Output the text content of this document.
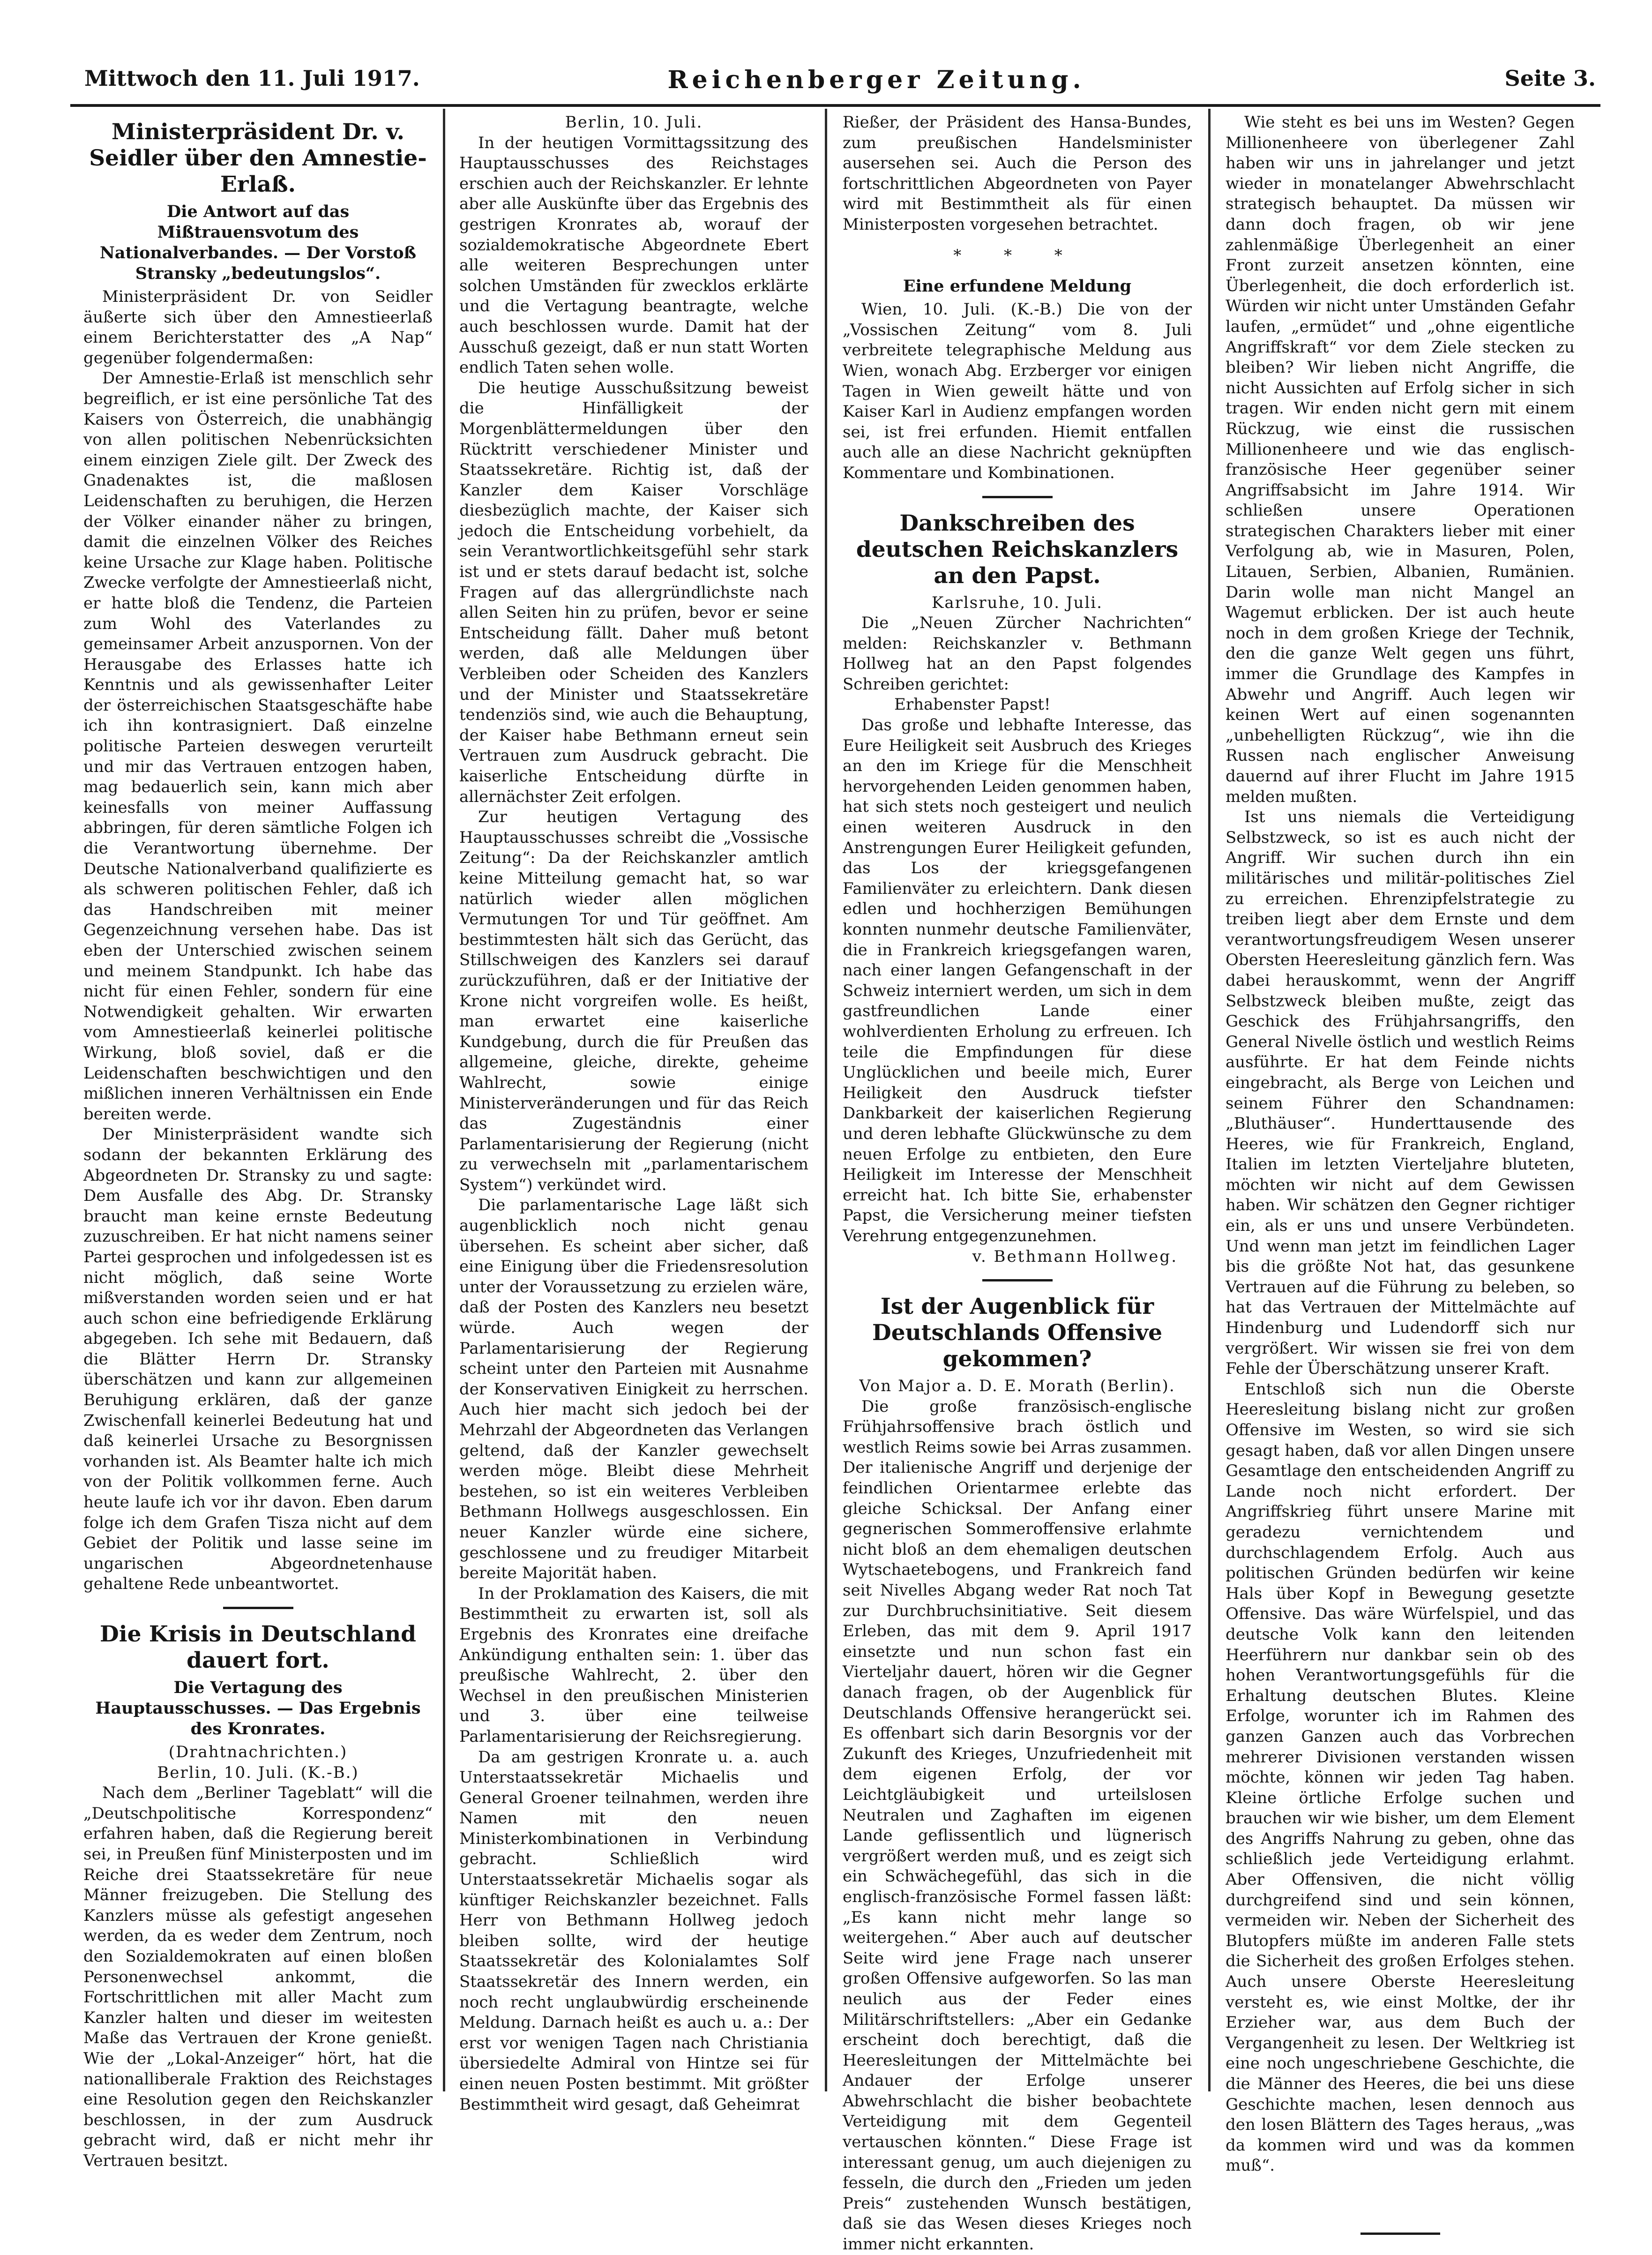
Mittwoch den 11. Juli 1917.	Reichenberger Zeitung.	Seite 3.

Ministerpräsident Dr. v. Seidler über den Amnestie-Erlaß.

Die Antwort auf das Mißtrauensvotum des Nationalverbandes. — Der Vorstoß Stransky „bedeutungslos“.

Ministerpräsident Dr. von Seidler äußerte sich über den Amnestieerlaß einem Berichterstatter des „A Nap“ gegenüber folgendermaßen:

Der Amnestie-Erlaß ist menschlich sehr begreiflich, er ist eine persönliche Tat des Kaisers von Österreich, die unabhängig von allen politischen Nebenrücksichten einem einzigen Ziele gilt. Der Zweck des Gnadenaktes ist, die maßlosen Leidenschaften zu beruhigen, die Herzen der Völker einander näher zu bringen, damit die einzelnen Völker des Reiches keine Ursache zur Klage haben. Politische Zwecke verfolgte der Amnestieerlaß nicht, er hatte bloß die Tendenz, die Parteien zum Wohl des Vaterlandes zu gemeinsamer Arbeit anzuspornen. Von der Herausgabe des Erlasses hatte ich Kenntnis und als gewissenhafter Leiter der österreichischen Staatsgeschäfte habe ich ihn kontrasigniert. Daß einzelne politische Parteien deswegen verurteilt und mir das Vertrauen entzogen haben, mag bedauerlich sein, kann mich aber keinesfalls von meiner Auffassung abbringen, für deren sämtliche Folgen ich die Verantwortung übernehme. Der Deutsche Nationalverband qualifizierte es als schweren politischen Fehler, daß ich das Handschreiben mit meiner Gegenzeichnung versehen habe. Das ist eben der Unterschied zwischen seinem und meinem Standpunkt. Ich habe das nicht für einen Fehler, sondern für eine Notwendigkeit gehalten. Wir erwarten vom Amnestieerlaß keinerlei politische Wirkung, bloß soviel, daß er die Leidenschaften beschwichtigen und den mißlichen inneren Verhältnissen ein Ende bereiten werde.

Der Ministerpräsident wandte sich sodann der bekannten Erklärung des Abgeordneten Dr. Stransky zu und sagte: Dem Ausfalle des Abg. Dr. Stransky braucht man keine ernste Bedeutung zuzuschreiben. Er hat nicht namens seiner Partei gesprochen und infolgedessen ist es nicht möglich, daß seine Worte mißverstanden worden seien und er hat auch schon eine befriedigende Erklärung abgegeben. Ich sehe mit Bedauern, daß die Blätter Herrn Dr. Stransky überschätzen und kann zur allgemeinen Beruhigung erklären, daß der ganze Zwischenfall keinerlei Bedeutung hat und daß keinerlei Ursache zu Besorgnissen vorhanden ist. Als Beamter halte ich mich von der Politik vollkommen ferne. Auch heute laufe ich vor ihr davon. Eben darum folge ich dem Grafen Tisza nicht auf dem Gebiet der Politik und lasse seine im ungarischen Abgeordnetenhause gehaltene Rede unbeantwortet.

Die Krisis in Deutschland dauert fort.

Die Vertagung des Hauptausschusses. — Das Ergebnis des Kronrates.

(Drahtnachrichten.)

Berlin, 10. Juli. (K.-B.)

Nach dem „Berliner Tageblatt“ will die „Deutschpolitische Korrespondenz“ erfahren haben, daß die Regierung bereit sei, in Preußen fünf Ministerposten und im Reiche drei Staatssekretäre für neue Männer freizugeben. Die Stellung des Kanzlers müsse als gefestigt angesehen werden, da es weder dem Zentrum, noch den Sozialdemokraten auf einen bloßen Personenwechsel ankommt, die Fortschrittlichen mit aller Macht zum Kanzler halten und dieser im weitesten Maße das Vertrauen der Krone genießt. Wie der „Lokal-Anzeiger“ hört, hat die nationalliberale Fraktion des Reichstages eine Resolution gegen den Reichskanzler beschlossen, in der zum Ausdruck gebracht wird, daß er nicht mehr ihr Vertrauen besitzt.

Berlin, 10. Juli.

In der heutigen Vormittagssitzung des Hauptausschusses des Reichstages erschien auch der Reichskanzler. Er lehnte aber alle Auskünfte über das Ergebnis des gestrigen Kronrates ab, worauf der sozialdemokratische Abgeordnete Ebert alle weiteren Besprechungen unter solchen Umständen für zwecklos erklärte und die Vertagung beantragte, welche auch beschlossen wurde. Damit hat der Ausschuß gezeigt, daß er nun statt Worten endlich Taten sehen wolle.

Die heutige Ausschußsitzung beweist die Hinfälligkeit der Morgenblättermeldungen über den Rücktritt verschiedener Minister und Staatssekretäre. Richtig ist, daß der Kanzler dem Kaiser Vorschläge diesbezüglich machte, der Kaiser sich jedoch die Entscheidung vorbehielt, da sein Verantwortlichkeitsgefühl sehr stark ist und er stets darauf bedacht ist, solche Fragen auf das allergründlichste nach allen Seiten hin zu prüfen, bevor er seine Entscheidung fällt. Daher muß betont werden, daß alle Meldungen über Verbleiben oder Scheiden des Kanzlers und der Minister und Staatssekretäre tendenziös sind, wie auch die Behauptung, der Kaiser habe Bethmann erneut sein Vertrauen zum Ausdruck gebracht. Die kaiserliche Entscheidung dürfte in allernächster Zeit erfolgen.

Zur heutigen Vertagung des Hauptausschusses schreibt die „Vossische Zeitung“: Da der Reichskanzler amtlich keine Mitteilung gemacht hat, so war natürlich wieder allen möglichen Vermutungen Tor und Tür geöffnet. Am bestimmtesten hält sich das Gerücht, das Stillschweigen des Kanzlers sei darauf zurückzuführen, daß er der Initiative der Krone nicht vorgreifen wolle. Es heißt, man erwartet eine kaiserliche Kundgebung, durch die für Preußen das allgemeine, gleiche, direkte, geheime Wahlrecht, sowie einige Ministerveränderungen und für das Reich das Zugeständnis einer Parlamentarisierung der Regierung (nicht zu verwechseln mit „parlamentarischem System“) verkündet wird.

Die parlamentarische Lage läßt sich augenblicklich noch nicht genau übersehen. Es scheint aber sicher, daß eine Einigung über die Friedensresolution unter der Voraussetzung zu erzielen wäre, daß der Posten des Kanzlers neu besetzt würde. Auch wegen der Parlamentarisierung der Regierung scheint unter den Parteien mit Ausnahme der Konservativen Einigkeit zu herrschen. Auch hier macht sich jedoch bei der Mehrzahl der Abgeordneten das Verlangen geltend, daß der Kanzler gewechselt werden möge. Bleibt diese Mehrheit bestehen, so ist ein weiteres Verbleiben Bethmann Hollwegs ausgeschlossen. Ein neuer Kanzler würde eine sichere, geschlossene und zu freudiger Mitarbeit bereite Majorität haben.

In der Proklamation des Kaisers, die mit Bestimmtheit zu erwarten ist, soll als Ergebnis des Kronrates eine dreifache Ankündigung enthalten sein: 1. über das preußische Wahlrecht, 2. über den Wechsel in den preußischen Ministerien und 3. über eine teilweise Parlamentarisierung der Reichsregierung.

Da am gestrigen Kronrate u. a. auch Unterstaatssekretär Michaelis und General Groener teilnahmen, werden ihre Namen mit den neuen Ministerkombinationen in Verbindung gebracht. Schließlich wird Unterstaatssekretär Michaelis sogar als künftiger Reichskanzler bezeichnet. Falls Herr von Bethmann Hollweg jedoch bleiben sollte, wird der heutige Staatssekretär des Kolonialamtes Solf Staatssekretär des Innern werden, ein noch recht unglaubwürdig erscheinende Meldung. Darnach heißt es auch u. a.: Der erst vor wenigen Tagen nach Christiania übersiedelte Admiral von Hintze sei für einen neuen Posten bestimmt. Mit größter Bestimmtheit wird gesagt, daß Geheimrat

Rießer, der Präsident des Hansa-Bundes, zum preußischen Handelsminister ausersehen sei. Auch die Person des fortschrittlichen Abgeordneten von Payer wird mit Bestimmtheit als für einen Ministerposten vorgesehen betrachtet.

* * *

Eine erfundene Meldung

Wien, 10. Juli. (K.-B.) Die von der „Vossischen Zeitung“ vom 8. Juli verbreitete telegraphische Meldung aus Wien, wonach Abg. Erzberger vor einigen Tagen in Wien geweilt hätte und von Kaiser Karl in Audienz empfangen worden sei, ist frei erfunden. Hiemit entfallen auch alle an diese Nachricht geknüpften Kommentare und Kombinationen.

Dankschreiben des deutschen Reichskanzlers an den Papst.

Karlsruhe, 10. Juli.

Die „Neuen Zürcher Nachrichten“ melden: Reichskanzler v. Bethmann Hollweg hat an den Papst folgendes Schreiben gerichtet:

Erhabenster Papst!

Das große und lebhafte Interesse, das Eure Heiligkeit seit Ausbruch des Krieges an den im Kriege für die Menschheit hervorgehenden Leiden genommen haben, hat sich stets noch gesteigert und neulich einen weiteren Ausdruck in den Anstrengungen Eurer Heiligkeit gefunden, das Los der kriegsgefangenen Familienväter zu erleichtern. Dank diesen edlen und hochherzigen Bemühungen konnten nunmehr deutsche Familienväter, die in Frankreich kriegsgefangen waren, nach einer langen Gefangenschaft in der Schweiz interniert werden, um sich in dem gastfreundlichen Lande einer wohlverdienten Erholung zu erfreuen. Ich teile die Empfindungen für diese Unglücklichen und beeile mich, Eurer Heiligkeit den Ausdruck tiefster Dankbarkeit der kaiserlichen Regierung und deren lebhafte Glückwünsche zu dem neuen Erfolge zu entbieten, den Eure Heiligkeit im Interesse der Menschheit erreicht hat. Ich bitte Sie, erhabenster Papst, die Versicherung meiner tiefsten Verehrung entgegenzunehmen.

v. Bethmann Hollweg.

Ist der Augenblick für Deutschlands Offensive gekommen?

Von Major a. D. E. Morath (Berlin).

Die große französisch-englische Frühjahrsoffensive brach östlich und westlich Reims sowie bei Arras zusammen. Der italienische Angriff und derjenige der feindlichen Orientarmee erlebte das gleiche Schicksal. Der Anfang einer gegnerischen Sommeroffensive erlahmte nicht bloß an dem ehemaligen deutschen Wytschaetebogens, und Frankreich fand seit Nivelles Abgang weder Rat noch Tat zur Durchbruchsinitiative. Seit diesem Erleben, das mit dem 9. April 1917 einsetzte und nun schon fast ein Vierteljahr dauert, hören wir die Gegner danach fragen, ob der Augenblick für Deutschlands Offensive herangerückt sei. Es offenbart sich darin Besorgnis vor der Zukunft des Krieges, Unzufriedenheit mit dem eigenen Erfolg, der vor Leichtgläubigkeit und urteilslosen Neutralen und Zaghaften im eigenen Lande geflissentlich und lügnerisch vergrößert werden muß, und es zeigt sich ein Schwächegefühl, das sich in die englisch-französische Formel fassen läßt: „Es kann nicht mehr lange so weitergehen.“ Aber auch auf deutscher Seite wird jene Frage nach unserer großen Offensive aufgeworfen. So las man neulich aus der Feder eines Militärschriftstellers: „Aber ein Gedanke erscheint doch berechtigt, daß die Heeresleitungen der Mittelmächte bei Andauer der Erfolge unserer Abwehrschlacht die bisher beobachtete Verteidigung mit dem Gegenteil vertauschen könnten.“ Diese Frage ist interessant genug, um auch diejenigen zu fesseln, die durch den „Frieden um jeden Preis“ zustehenden Wunsch bestätigen, daß sie das Wesen dieses Krieges noch immer nicht erkannten.

Wie steht es bei uns im Westen? Gegen Millionenheere von überlegener Zahl haben wir uns in jahrelanger und jetzt wieder in monatelanger Abwehrschlacht strategisch behauptet. Da müssen wir dann doch fragen, ob wir jene zahlenmäßige Überlegenheit an einer Front zurzeit ansetzen könnten, eine Überlegenheit, die doch erforderlich ist. Würden wir nicht unter Umständen Gefahr laufen, „ermüdet“ und „ohne eigentliche Angriffskraft“ vor dem Ziele stecken zu bleiben? Wir lieben nicht Angriffe, die nicht Aussichten auf Erfolg sicher in sich tragen. Wir enden nicht gern mit einem Rückzug, wie einst die russischen Millionenheere und wie das englisch-französische Heer gegenüber seiner Angriffsabsicht im Jahre 1914. Wir schließen unsere Operationen strategischen Charakters lieber mit einer Verfolgung ab, wie in Masuren, Polen, Litauen, Serbien, Albanien, Rumänien. Darin wolle man nicht Mangel an Wagemut erblicken. Der ist auch heute noch in dem großen Kriege der Technik, den die ganze Welt gegen uns führt, immer die Grundlage des Kampfes in Abwehr und Angriff. Auch legen wir keinen Wert auf einen sogenannten „unbehelligten Rückzug“, wie ihn die Russen nach englischer Anweisung dauernd auf ihrer Flucht im Jahre 1915 melden mußten.

Ist uns niemals die Verteidigung Selbstzweck, so ist es auch nicht der Angriff. Wir suchen durch ihn ein militärisches und militär-politisches Ziel zu erreichen. Ehrenzipfelstrategie zu treiben liegt aber dem Ernste und dem verantwortungsfreudigem Wesen unserer Obersten Heeresleitung gänzlich fern. Was dabei herauskommt, wenn der Angriff Selbstzweck bleiben mußte, zeigt das Geschick des Frühjahrsangriffs, den General Nivelle östlich und westlich Reims ausführte. Er hat dem Feinde nichts eingebracht, als Berge von Leichen und seinem Führer den Schandnamen: „Bluthäuser“. Hunderttausende des Heeres, wie für Frankreich, England, Italien im letzten Vierteljahre bluteten, möchten wir nicht auf dem Gewissen haben. Wir schätzen den Gegner richtiger ein, als er uns und unsere Verbündeten. Und wenn man jetzt im feindlichen Lager bis die größte Not hat, das gesunkene Vertrauen auf die Führung zu beleben, so hat das Vertrauen der Mittelmächte auf Hindenburg und Ludendorff sich nur vergrößert. Wir wissen sie frei von dem Fehle der Überschätzung unserer Kraft.

Entschloß sich nun die Oberste Heeresleitung bislang nicht zur großen Offensive im Westen, so wird sie sich gesagt haben, daß vor allen Dingen unsere Gesamtlage den entscheidenden Angriff zu Lande noch nicht erfordert. Der Angriffskrieg führt unsere Marine mit geradezu vernichtendem und durchschlagendem Erfolg. Auch aus politischen Gründen bedürfen wir keine Hals über Kopf in Bewegung gesetzte Offensive. Das wäre Würfelspiel, und das deutsche Volk kann den leitenden Heerführern nur dankbar sein ob des hohen Verantwortungsgefühls für die Erhaltung deutschen Blutes. Kleine Erfolge, worunter ich im Rahmen des ganzen Ganzen auch das Vorbrechen mehrerer Divisionen verstanden wissen möchte, können wir jeden Tag haben. Kleine örtliche Erfolge suchen und brauchen wir wie bisher, um dem Element des Angriffs Nahrung zu geben, ohne das schließlich jede Verteidigung erlahmt. Aber Offensiven, die nicht völlig durchgreifend sind und sein können, vermeiden wir. Neben der Sicherheit des Blutopfers müßte im anderen Falle stets die Sicherheit des großen Erfolges stehen. Auch unsere Oberste Heeresleitung versteht es, wie einst Moltke, der ihr Erzieher war, aus dem Buch der Vergangenheit zu lesen. Der Weltkrieg ist eine noch ungeschriebene Geschichte, die die Männer des Heeres, die bei uns diese Geschichte machen, lesen dennoch aus den losen Blättern des Tages heraus, „was da kommen wird und was da kommen muß“.
